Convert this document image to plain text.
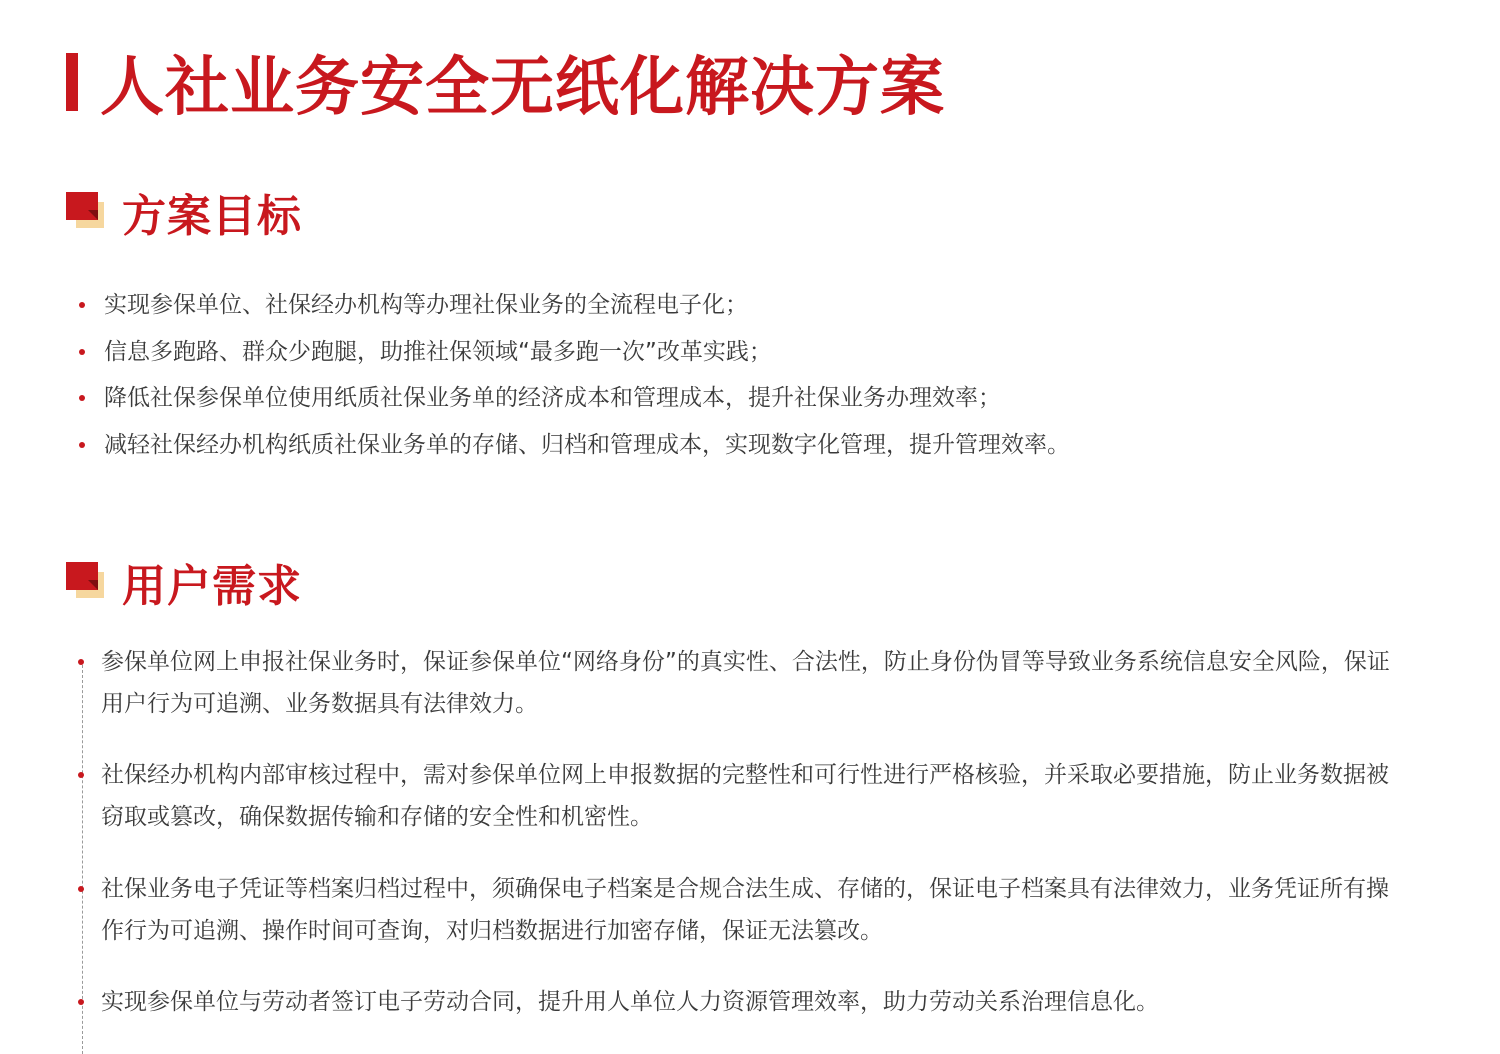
人社业务安全无纸化解决方案
方案目标
实现参保单位、社保经办机构等办理社保业务的全流程电子化；
信息多跑路、群众少跑腿，助推社保领域“最多跑一次”改革实践；
降低社保参保单位使用纸质社保业务单的经济成本和管理成本，提升社保业务办理效率；
减轻社保经办机构纸质社保业务单的存储、归档和管理成本，实现数字化管理，提升管理效率。
用户需求
参保单位网上申报社保业务时，保证参保单位“网络身份”的真实性、合法性，防止身份伪冒等导致业务系统信息安全风险，保证用户行为可追溯、业务数据具有法律效力。
社保经办机构内部审核过程中，需对参保单位网上申报数据的完整性和可行性进行严格核验，并采取必要措施，防止业务数据被窃取或篡改，确保数据传输和存储的安全性和机密性。
社保业务电子凭证等档案归档过程中，须确保电子档案是合规合法生成、存储的，保证电子档案具有法律效力，业务凭证所有操作行为可追溯、操作时间可查询，对归档数据进行加密存储，保证无法篡改。
实现参保单位与劳动者签订电子劳动合同，提升用人单位人力资源管理效率，助力劳动关系治理信息化。
